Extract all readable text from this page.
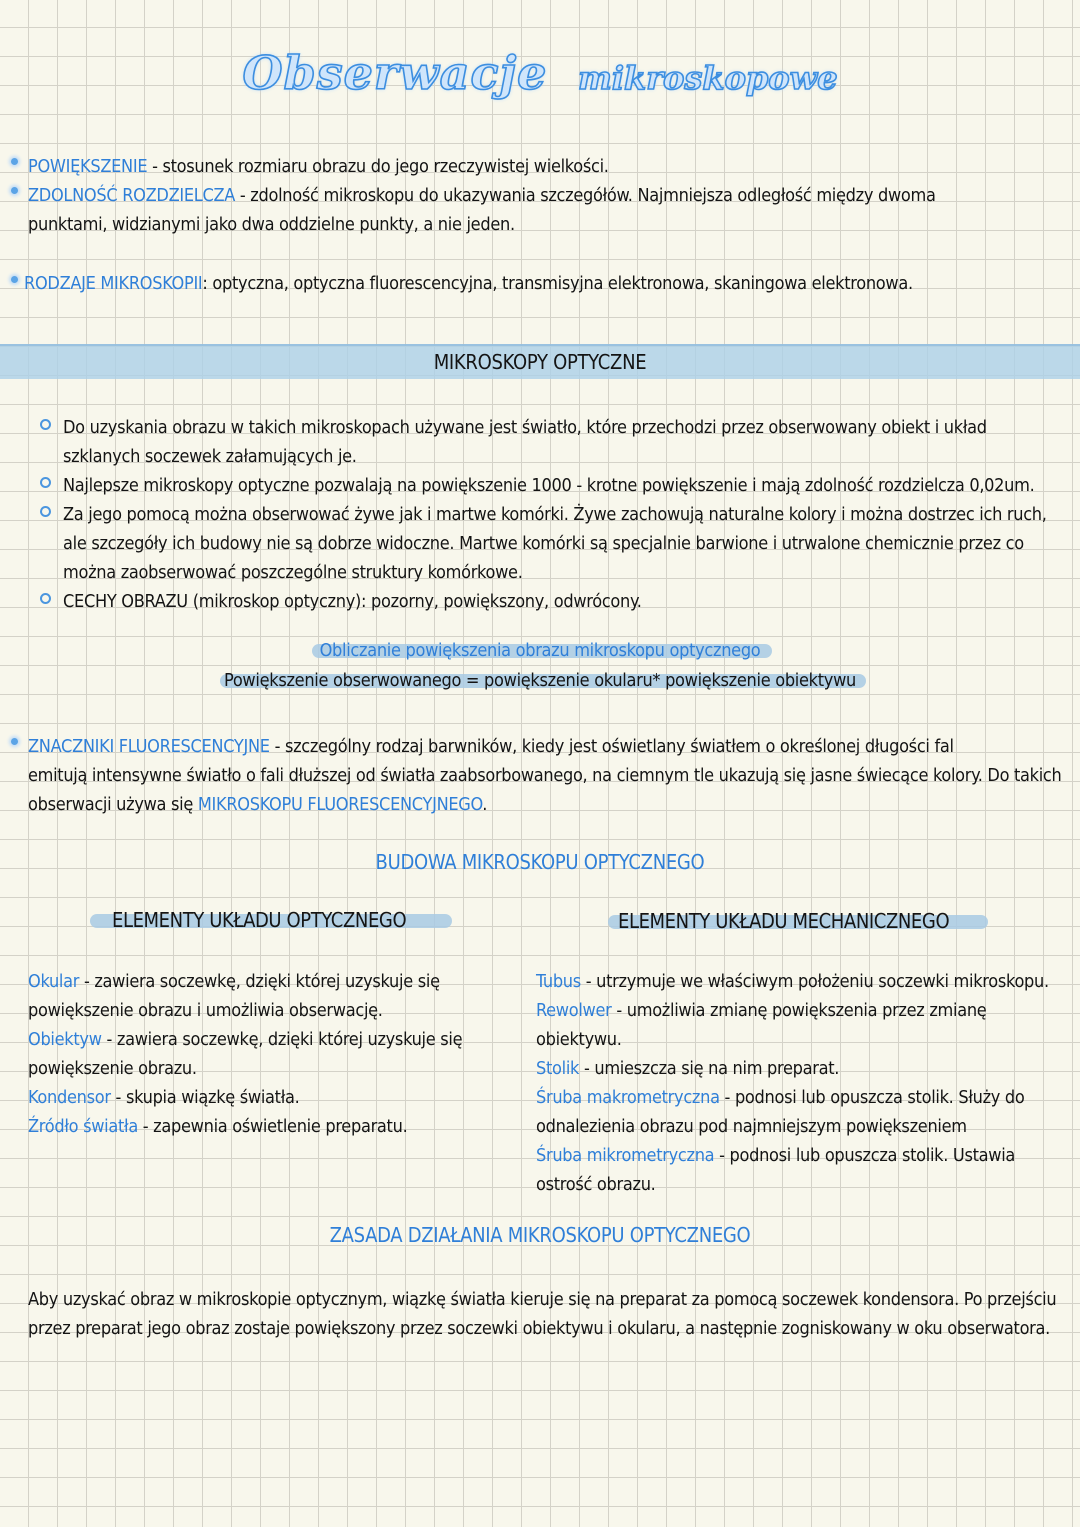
Obserwacje mikroskopowe
POWIĘKSZENIE - stosunek rozmiaru obrazu do jego rzeczywistej wielkości.
ZDOLNOŚĆ ROZDZIELCZA - zdolność mikroskopu do ukazywania szczegółów. Najmniejsza odległość między dwoma
punktami, widzianymi jako dwa oddzielne punkty, a nie jeden.
RODZAJE MIKROSKOPII: optyczna, optyczna fluorescencyjna, transmisyjna elektronowa, skaningowa elektronowa.
MIKROSKOPY OPTYCZNE
Do uzyskania obrazu w takich mikroskopach używane jest światło, które przechodzi przez obserwowany obiekt i układ
szklanych soczewek załamujących je.
Najlepsze mikroskopy optyczne pozwalają na powiększenie 1000 - krotne powiększenie i mają zdolność rozdzielcza 0,02um.
Za jego pomocą można obserwować żywe jak i martwe komórki. Żywe zachowują naturalne kolory i można dostrzec ich ruch,
ale szczegóły ich budowy nie są dobrze widoczne. Martwe komórki są specjalnie barwione i utrwalone chemicznie przez co
można zaobserwować poszczególne struktury komórkowe.
CECHY OBRAZU (mikroskop optyczny): pozorny, powiększony, odwrócony.
Obliczanie powiększenia obrazu mikroskopu optycznego
Powiększenie obserwowanego = powiększenie okularu* powiększenie obiektywu
ZNACZNIKI FLUORESCENCYJNE - szczególny rodzaj barwników, kiedy jest oświetlany światłem o określonej długości fal
emitują intensywne światło o fali dłuższej od światła zaabsorbowanego, na ciemnym tle ukazują się jasne świecące kolory. Do takich
obserwacji używa się MIKROSKOPU FLUORESCENCYJNEGO.
BUDOWA MIKROSKOPU OPTYCZNEGO
ELEMENTY UKŁADU OPTYCZNEGO	ELEMENTY UKŁADU MECHANICZNEGO
Okular - zawiera soczewkę, dzięki której uzyskuje się
powiększenie obrazu i umożliwia obserwację.
Obiektyw - zawiera soczewkę, dzięki której uzyskuje się
powiększenie obrazu.
Kondensor - skupia wiązkę światła.
Źródło światła - zapewnia oświetlenie preparatu.
Tubus - utrzymuje we właściwym położeniu soczewki mikroskopu.
Rewolwer - umożliwia zmianę powiększenia przez zmianę
obiektywu.
Stolik - umieszcza się na nim preparat.
Śruba makrometryczna - podnosi lub opuszcza stolik. Służy do
odnalezienia obrazu pod najmniejszym powiększeniem
Śruba mikrometryczna - podnosi lub opuszcza stolik. Ustawia
ostrość obrazu.
ZASADA DZIAŁANIA MIKROSKOPU OPTYCZNEGO
Aby uzyskać obraz w mikroskopie optycznym, wiązkę światła kieruje się na preparat za pomocą soczewek kondensora. Po przejściu
przez preparat jego obraz zostaje powiększony przez soczewki obiektywu i okularu, a następnie zogniskowany w oku obserwatora.
